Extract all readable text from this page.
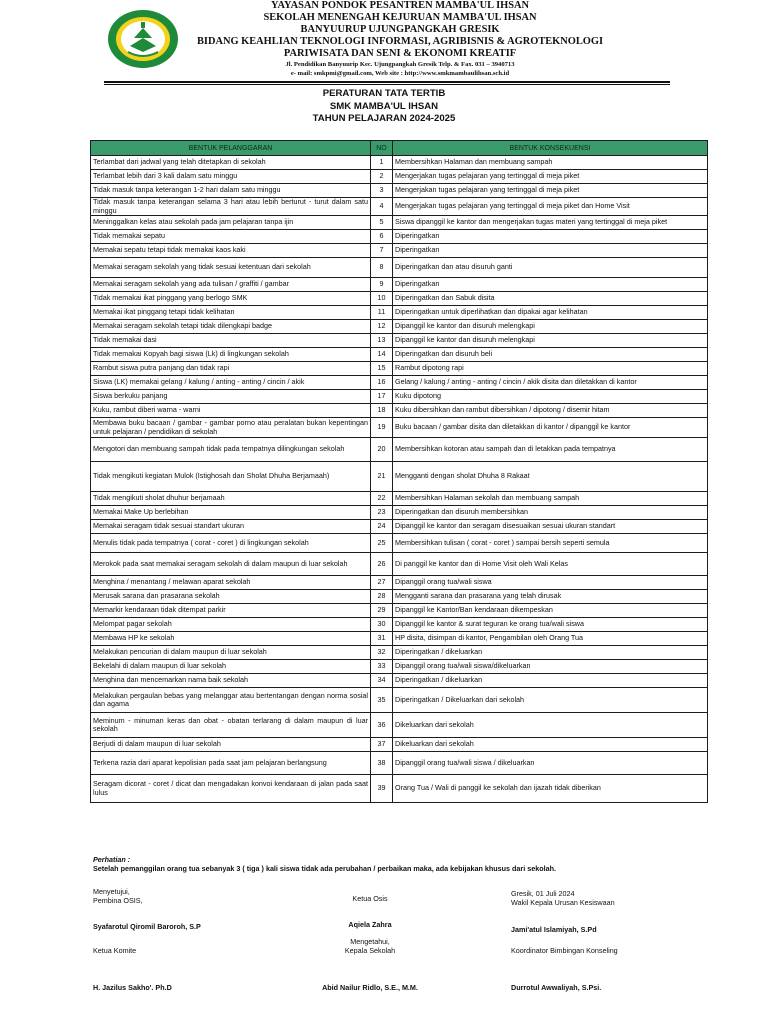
YAYASAN PONDOK PESANTREN MAMBA'UL IHSAN
SEKOLAH MENENGAH KEJURUAN MAMBA'UL IHSAN
BANYUURUP UJUNGPANGKAH GRESIK
BIDANG KEAHLIAN TEKNOLOGI INFORMASI, AGRIBISNIS & AGROTEKNOLOGI
PARIWISATA DAN SENI & EKONOMI KREATIF
Jl. Pendidikan Banyuurip Kec. Ujungpangkah Gresik Telp. & Fax. 031 – 3940713
e- mail: smkpmi@gmail.com, Web site : http://www.smkmambaulihsan.sch.id
PERATURAN TATA TERTIB
SMK MAMBA'UL IHSAN
TAHUN PELAJARAN 2024-2025
BENTUK PELANGGARAN	NO	BENTUK KONSEKUENSI
Terlambat dari jadwal yang telah ditetapkan di sekolah	1	Membersihkan Halaman dan membuang sampah
Terlambat lebih dari 3 kali dalam satu minggu	2	Mengerjakan tugas pelajaran yang tertinggal di meja piket
Tidak masuk tanpa keterangan 1-2 hari dalam satu minggu	3	Mengerjakan tugas pelajaran yang tertinggal di meja piket
Tidak masuk tanpa keterangan selama 3 hari atau lebih berturut - turut dalam satu minggu	4	Mengerjakan tugas pelajaran yang tertinggal di meja piket dan Home Visit
Meninggalkan kelas atau sekolah pada jam pelajaran tanpa ijin	5	Siswa dipanggil ke kantor dan mengerjakan tugas materi yang tertinggal di meja piket
Tidak memakai sepatu	6	Diperingatkan
Memakai sepatu tetapi tidak memakai kaos kaki	7	Diperingatkan
Memakai seragam sekolah yang tidak sesuai ketentuan dari sekolah	8	Diperingatkan dan atau disuruh ganti
Memakai seragam sekolah yang ada tulisan / graffiti / gambar	9	Diperingatkan
Tidak memakai ikat pinggang yang berlogo SMK	10	Diperingatkan dan Sabuk disita
Memakai ikat pinggang tetapi tidak kelihatan	11	Diperingatkan untuk diperlihatkan dan dipakai agar kelihatan
Memakai seragam sekolah tetapi tidak dilengkapi badge	12	Dipanggil ke kantor dan disuruh melengkapi
Tidak memakai dasi	13	Dipanggil ke kantor dan disuruh melengkapi
Tidak memakai Kopyah bagi siswa (Lk) di lingkungan sekolah	14	Diperingatkan dan disuruh beli
Rambut siswa putra panjang dan tidak rapi	15	Rambut dipotong rapi
Siswa (LK) memakai gelang / kalung / anting - anting / cincin / akik	16	Gelang / kalung / anting - anting / cincin / akik disita dan diletakkan di kantor
Siswa berkuku panjang	17	Kuku dipotong
Kuku, rambut diberi warna - warni	18	Kuku dibersihkan dan rambut dibersihkan / dipotong / disemir hitam
Membawa buku bacaan / gambar - gambar porno atau peralatan bukan kepentingan untuk pelajaran / pendidikan di sekolah	19	Buku bacaan / gambar disita dan diletakkan di kantor / dipanggil ke kantor
Mengotori dan membuang sampah tidak pada tempatnya dilingkungan sekolah	20	Membersihkan kotoran atau sampah dan di letakkan pada tempatnya
Tidak mengikuti kegiatan Mulok (Istighosah dan Sholat Dhuha Berjamaah)	21	Mengganti dengan sholat Dhuha 8 Rakaat
Tidak mengikuti sholat dhuhur berjamaah	22	Membersihkan Halaman sekolah dan membuang sampah
Memakai Make Up berlebihan	23	Diperingatkan dan disuruh membersihkan
Memakai seragam tidak sesuai standart ukuran	24	Dipanggil ke kantor dan seragam disesuaikan sesuai ukuran standart
Menulis tidak pada tempatnya ( corat - coret ) di lingkungan sekolah	25	Membersihkan tulisan ( corat - coret ) sampai bersih seperti semula
Merokok pada saat memakai seragam sekolah di dalam maupun di luar sekolah	26	Di panggil ke kantor dan di Home Visit oleh Wali Kelas
Menghina / menantang / melawan aparat sekolah	27	Dipanggil orang tua/wali siswa
Merusak sarana dan prasarana sekolah	28	Mengganti sarana dan prasarana yang telah dirusak
Memarkir kendaraan tidak ditempat parkir	29	Dipanggil ke Kantor/Ban kendaraan dikempeskan
Melompat pagar sekolah	30	Dipanggil ke kantor & surat teguran ke orang tua/wali siswa
Membawa HP ke sekolah	31	HP disita, disimpan di kantor, Pengambilan oleh Orang Tua
Melakukan pencurian di dalam maupun di luar sekolah	32	Diperingatkan / dikeluarkan
Bekelahi di dalam maupun di luar sekolah	33	Dipanggil orang tua/wali siswa/dikeluarkan
Menghina dan mencemarkan nama baik sekolah	34	Diperingatkan / dikeluarkan
Melakukan pergaulan bebas yang melanggar atau bertentangan dengan norma sosial dan agama	35	Diperingatkan / Dikeluarkan dari sekolah
Meminum - minuman keras dan obat - obatan terlarang di dalam maupun di luar sekolah	36	Dikeluarkan dari sekolah
Berjudi di dalam maupun di luar sekolah	37	Dikeluarkan dari sekolah
Terkena razia dari aparat kepolisian pada saat jam pelajaran berlangsung	38	Dipanggil orang tua/wali siswa / dikeluarkan
Seragam dicorat - coret / dicat dan mengadakan konvoi kendaraan di jalan pada saat lulus	39	Orang Tua / Wali di panggil ke sekolah dan ijazah tidak diberikan
Perhatian :
Setelah pemanggilan orang tua sebanyak 3 ( tiga ) kali siswa tidak ada perubahan / perbaikan maka, ada kebijakan khusus dari sekolah.
Menyetujui,
Pembina OSIS,
Syafarotul Qiromil Baroroh, S.P
Ketua Osis
Aqiela Zahra
Gresik, 01 Juli 2024
Wakil Kepala Urusan Kesiswaan
Jami'atul Islamiyah, S.Pd
Ketua Komite
H. Jazilus Sakho'. Ph.D
Mengetahui,
Kepala Sekolah
Abid Nailur Ridlo, S.E., M.M.
Koordinator Bimbingan Konseling
Durrotul Awwaliyah, S.Psi.
